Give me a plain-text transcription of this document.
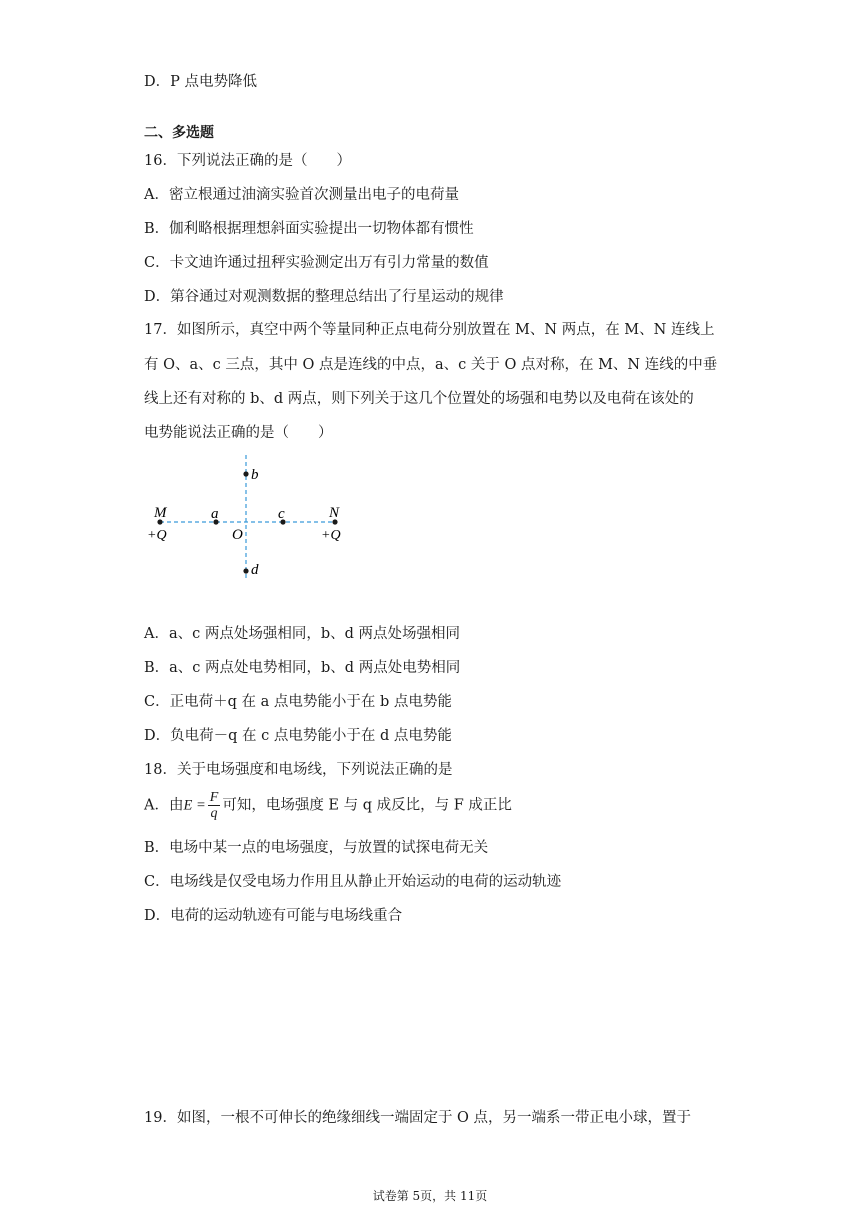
D．P 点电势降低
二、多选题
16．下列说法正确的是（　　）
A．密立根通过油滴实验首次测量出电子的电荷量
B．伽利略根据理想斜面实验提出一切物体都有惯性
C．卡文迪许通过扭秤实验测定出万有引力常量的数值
D．第谷通过对观测数据的整理总结出了行星运动的规律
17．如图所示，真空中两个等量同种正点电荷分别放置在 M、N 两点，在 M、N 连线上
有 O、a、c 三点，其中 O 点是连线的中点，a、c 关于 O 点对称，在 M、N 连线的中垂
线上还有对称的 b、d 两点，则下列关于这几个位置处的场强和电势以及电荷在该处的
电势能说法正确的是（　　）
M
+Q
a
O
c	N
+Q
b
d
A．a、c 两点处场强相同，b、d 两点处场强相同
B．a、c 两点处电势相同，b、d 两点处电势相同
C．正电荷＋q 在 a 点电势能小于在 b 点电势能
D．负电荷－q 在 c 点电势能小于在 d 点电势能
18．关于电场强度和电场线，下列说法正确的是
A．由$E = \frac{F}{q}$ 可知，电场强度 E 与 q 成反比，与 F 成正比
B．电场中某一点的电场强度，与放置的试探电荷无关
C．电场线是仅受电场力作用且从静止开始运动的电荷的运动轨迹
D．电荷的运动轨迹有可能与电场线重合
19．如图，一根不可伸长的绝缘细线一端固定于 O 点，另一端系一带正电小球，置于
试卷第 5页，共 11页
